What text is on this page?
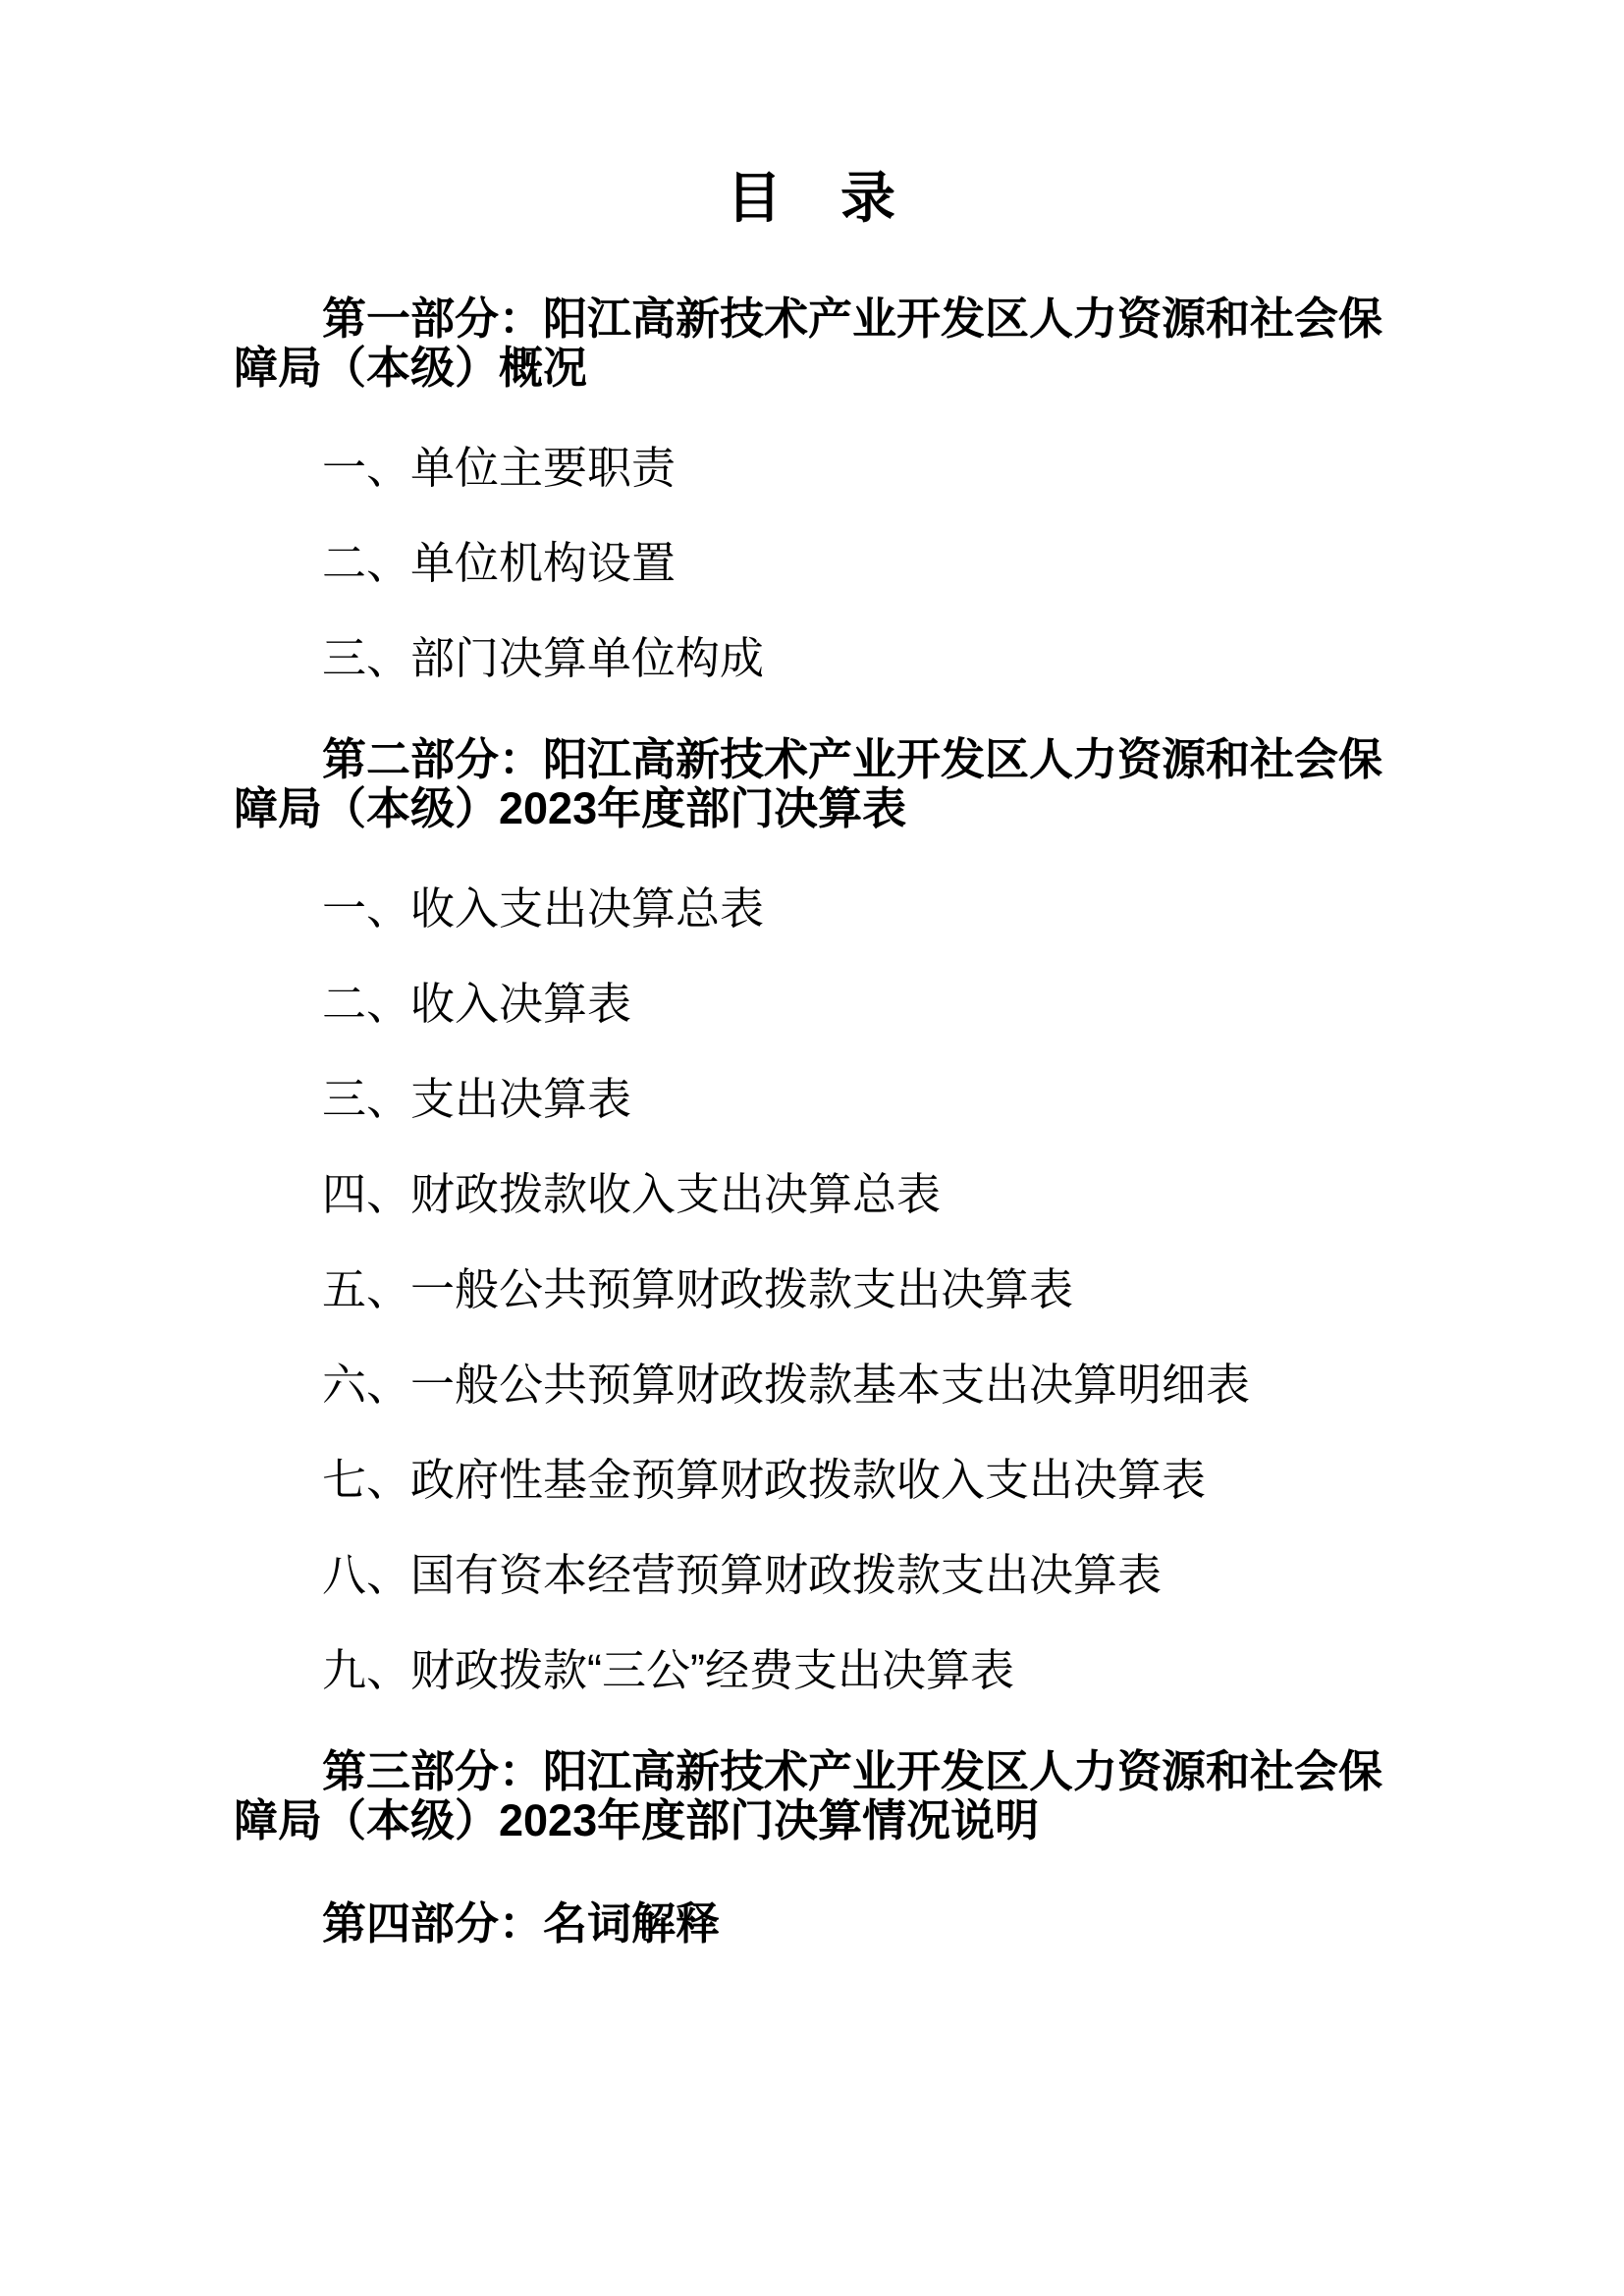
目　录

第一部分：阳江高新技术产业开发区人力资源和社会保障局（本级）概况

一、单位主要职责

二、单位机构设置

三、部门决算单位构成

第二部分：阳江高新技术产业开发区人力资源和社会保障局（本级）2023年度部门决算表

一、收入支出决算总表

二、收入决算表

三、支出决算表

四、财政拨款收入支出决算总表

五、一般公共预算财政拨款支出决算表

六、一般公共预算财政拨款基本支出决算明细表

七、政府性基金预算财政拨款收入支出决算表

八、国有资本经营预算财政拨款支出决算表

九、财政拨款“三公”经费支出决算表

第三部分：阳江高新技术产业开发区人力资源和社会保障局（本级）2023年度部门决算情况说明

第四部分：名词解释
